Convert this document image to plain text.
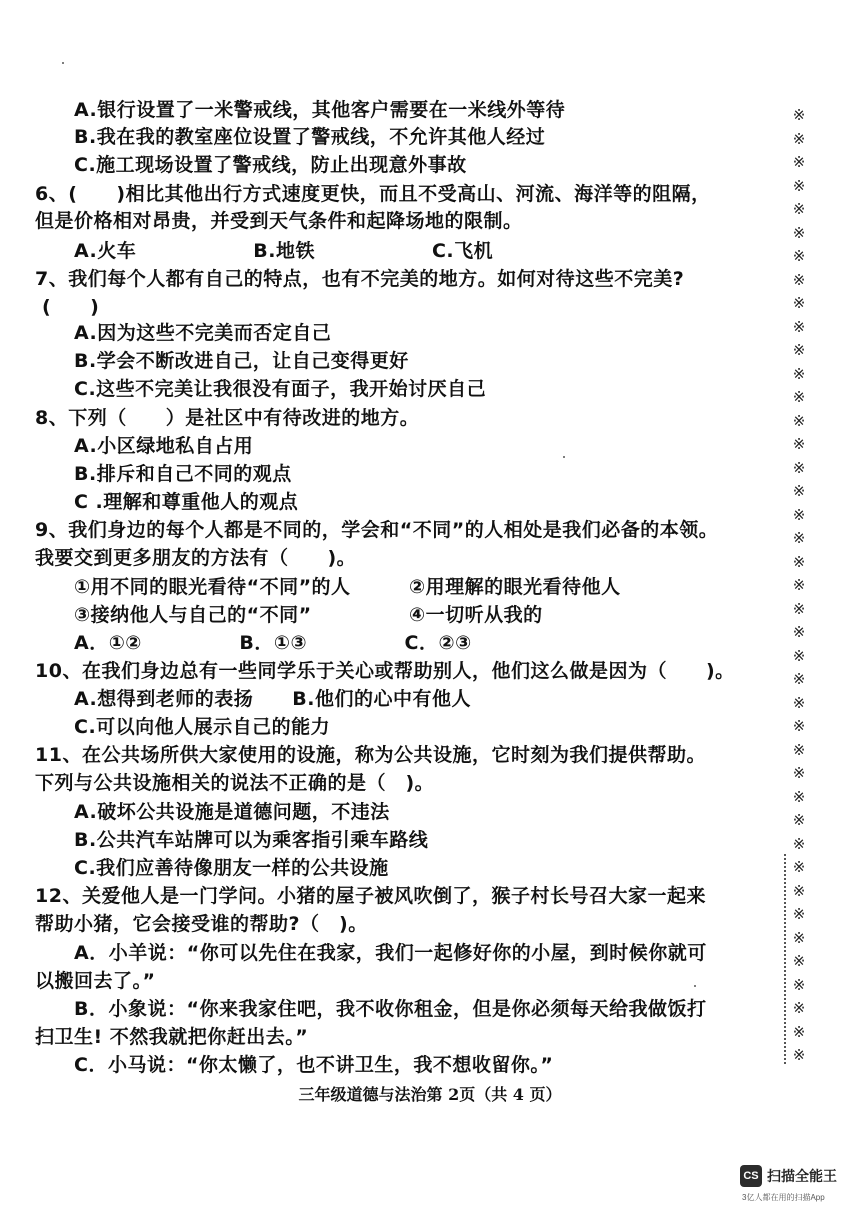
A.银行设置了一米警戒线，其他客户需要在一米线外等待
B.我在我的教室座位设置了警戒线，不允许其他人经过
C.施工现场设置了警戒线，防止出现意外事故
6、(　　)相比其他出行方式速度更快，而且不受高山、河流、海洋等的阻隔，
但是价格相对昂贵，并受到天气条件和起降场地的限制。
A.火车　　　　　　B.地铁　　　　　　C.飞机
7、我们每个人都有自己的特点，也有不完美的地方。如何对待这些不完美?
(　　)
A.因为这些不完美而否定自己
B.学会不断改进自己，让自己变得更好
C.这些不完美让我很没有面子，我开始讨厌自己
8、下列（　　）是社区中有待改进的地方。
A.小区绿地私自占用
B.排斥和自己不同的观点
C .理解和尊重他人的观点
9、我们身边的每个人都是不同的，学会和“不同”的人相处是我们必备的本领。
我要交到更多朋友的方法有（　　)。
①用不同的眼光看待“不同”的人　　　②用理解的眼光看待他人
③接纳他人与自己的“不同”　　　　　④一切听从我的
A．①②　　　　　B．①③　　　　　C．②③
10、在我们身边总有一些同学乐于关心或帮助别人，他们这么做是因为（　　)。
A.想得到老师的表扬　　B.他们的心中有他人
C.可以向他人展示自己的能力
11、在公共场所供大家使用的设施，称为公共设施，它时刻为我们提供帮助。
下列与公共设施相关的说法不正确的是（　)。
A.破坏公共设施是道德问题，不违法
B.公共汽车站牌可以为乘客指引乘车路线
C.我们应善待像朋友一样的公共设施
12、关爱他人是一门学问。小猪的屋子被风吹倒了，猴子村长号召大家一起来
帮助小猪，它会接受谁的帮助?（　)。
A．小羊说：“你可以先住在我家，我们一起修好你的小屋，到时候你就可
以搬回去了。”
B．小象说：“你来我家住吧，我不收你租金，但是你必须每天给我做饭打
扫卫生! 不然我就把你赶出去。”
C．小马说：“你太懒了，也不讲卫生，我不想收留你。”
三年级道德与法治第 2页（共 4 页）
※
※
※
※
※
※
※
※
※
※
※
※
※
※
※
※
※
※
※
※
※
※
※
※
※
※
※
※
※
※
※
※
※
※
※
※
※
※
※
※
※
CS 扫描全能王
3亿人都在用的扫描App
